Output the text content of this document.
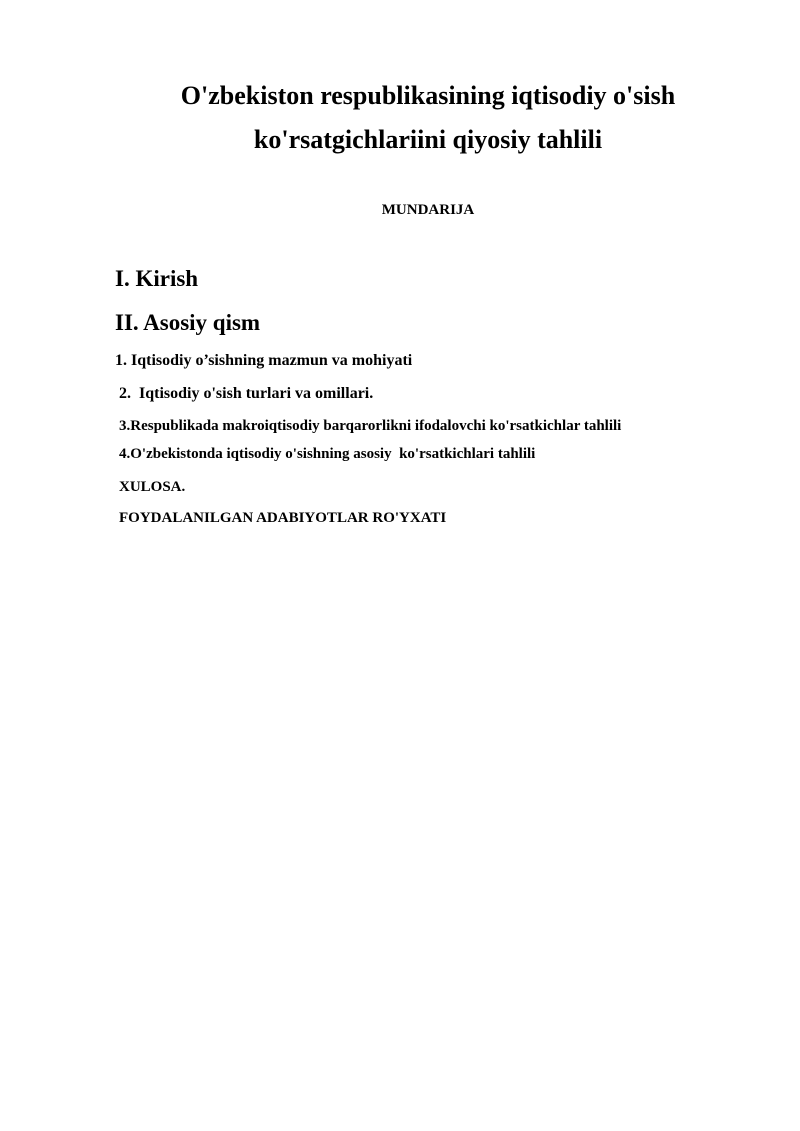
O'zbekiston respublikasining iqtisodiy o'sish
ko'rsatgichlariini qiyosiy tahlili
MUNDARIJA
I. Kirish
II. Asosiy qism
1. Iqtisodiy o’sishning mazmun va mohiyati
2.  Iqtisodiy o'sish turlari va omillari.
3.Respublikada makroiqtisodiy barqarorlikni ifodalovchi ko'rsatkichlar tahlili
4.O'zbekistonda iqtisodiy o'sishning asosiy  ko'rsatkichlari tahlili
XULOSA.
FOYDALANILGAN ADABIYOTLAR RO'YXATI
